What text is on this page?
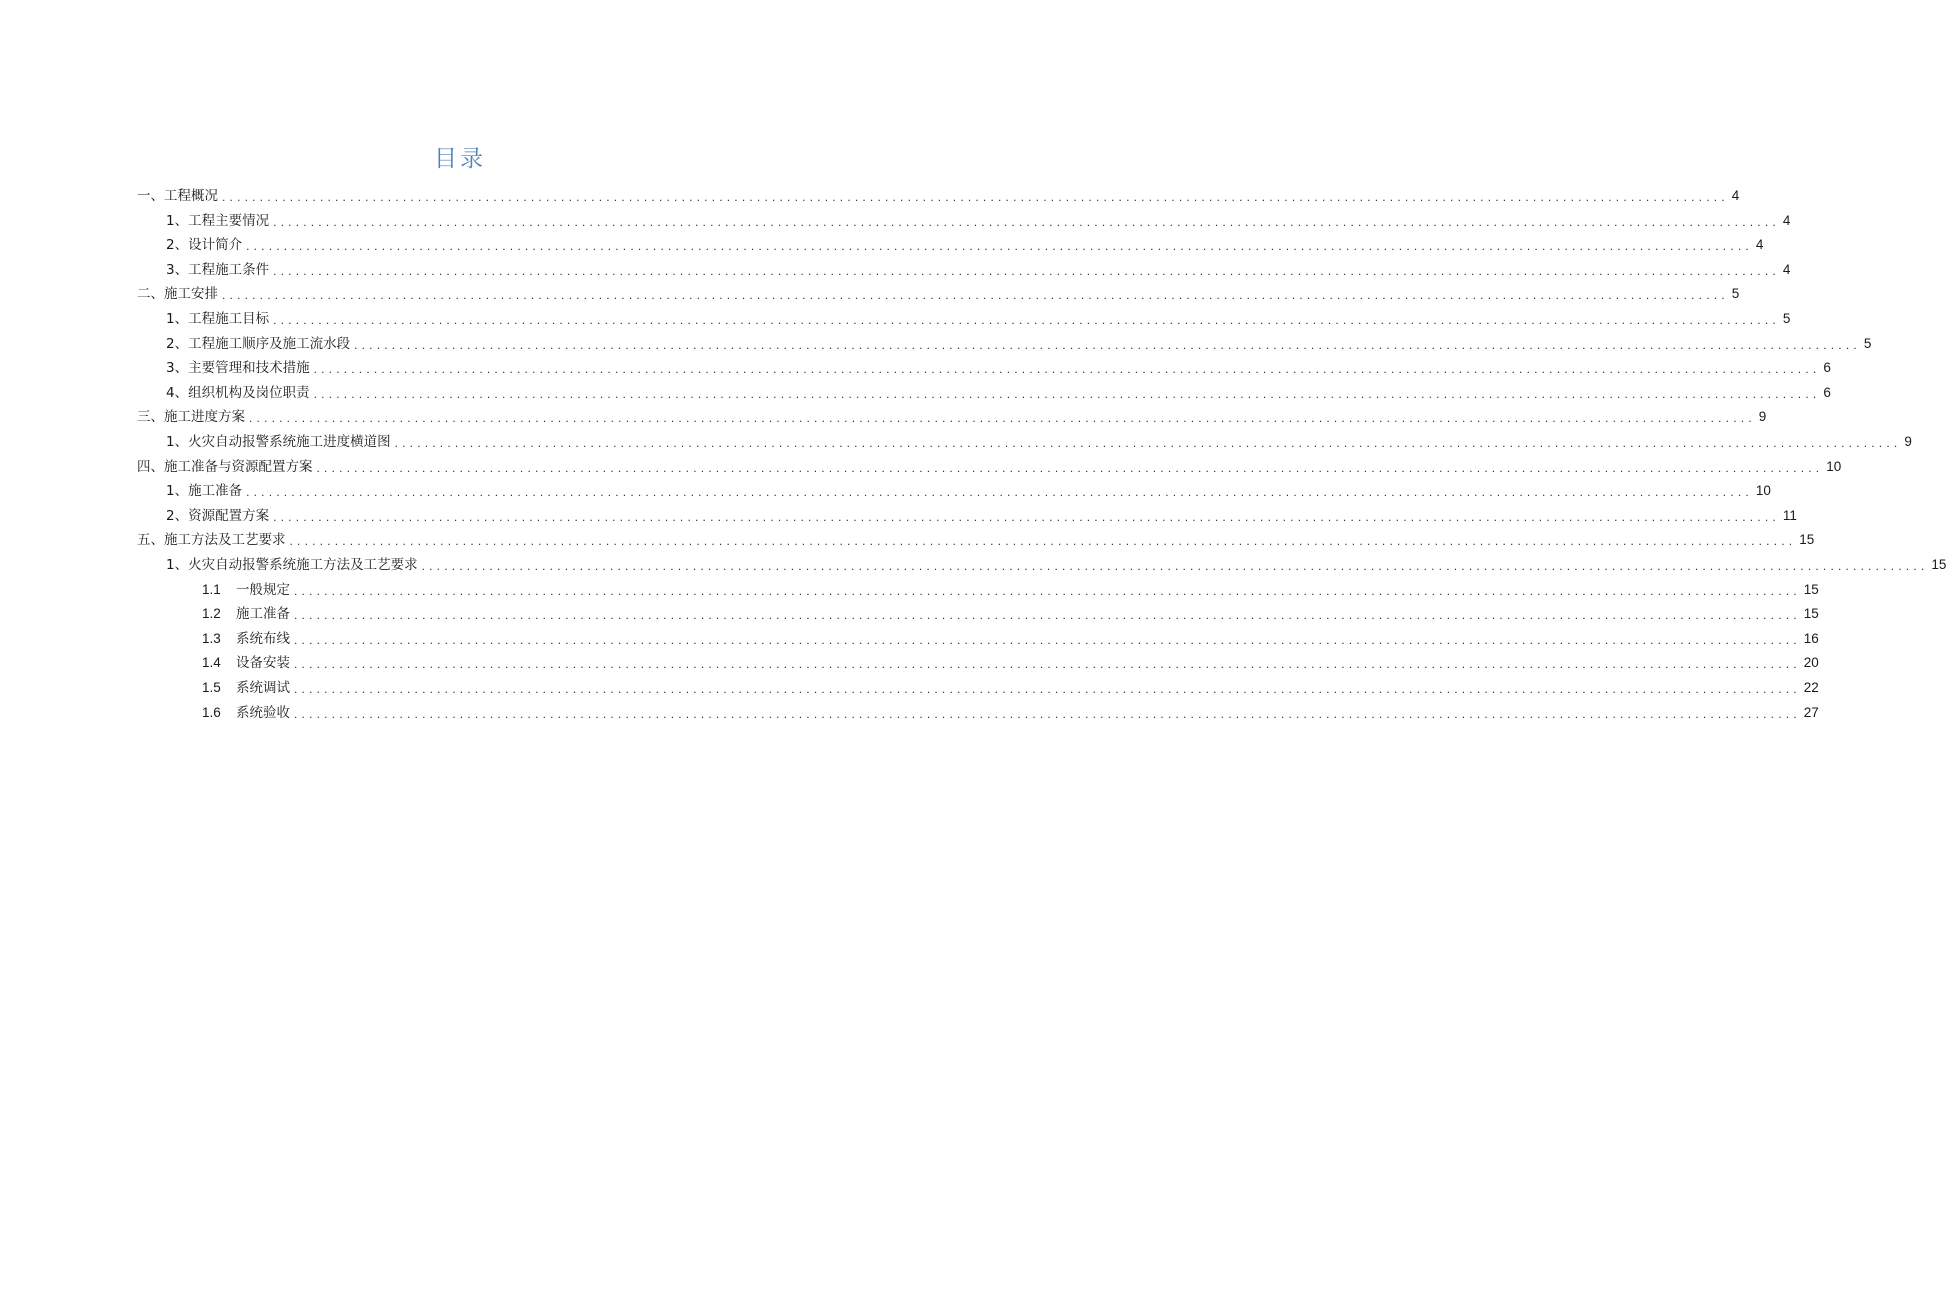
目录
一 、 工程概况 ........................................................................................................................................................................................................ 4
1 、 工程主要情况 ........................................................................................................................................................................................................ 4
2 、 设计简介 ........................................................................................................................................................................................................ 4
3 、 工程施工条件 ........................................................................................................................................................................................................ 4
二 、 施工安排 ........................................................................................................................................................................................................ 5
1 、 工程施工目标 ........................................................................................................................................................................................................ 5
2 、 工程施工顺序及施工流水段 ........................................................................................................................................................................................................ 5
3 、 主要管理和技术措施 ........................................................................................................................................................................................................ 6
4 、 组织机构及岗位职责 ........................................................................................................................................................................................................ 6
三 、 施工进度方案 ........................................................................................................................................................................................................ 9
1 、 火灾自动报警系统施工进度横道图 ........................................................................................................................................................................................................ 9
四 、 施工准备与资源配置方案 ........................................................................................................................................................................................................ 10
1 、 施工准备 ........................................................................................................................................................................................................ 10
2 、 资源配置方案 ........................................................................................................................................................................................................ 11
五 、 施工方法及工艺要求 ........................................................................................................................................................................................................ 15
1 、 火灾自动报警系统施工方法及工艺要求 ........................................................................................................................................................................................................ 15
1.1	一般规定 ........................................................................................................................................................................................................ 15
1.2	施工准备 ........................................................................................................................................................................................................ 15
1.3	系统布线 ........................................................................................................................................................................................................ 16
1.4	设备安装 ........................................................................................................................................................................................................ 20
1.5	系统调试 ........................................................................................................................................................................................................ 22
1.6	系统验收 ........................................................................................................................................................................................................ 27
